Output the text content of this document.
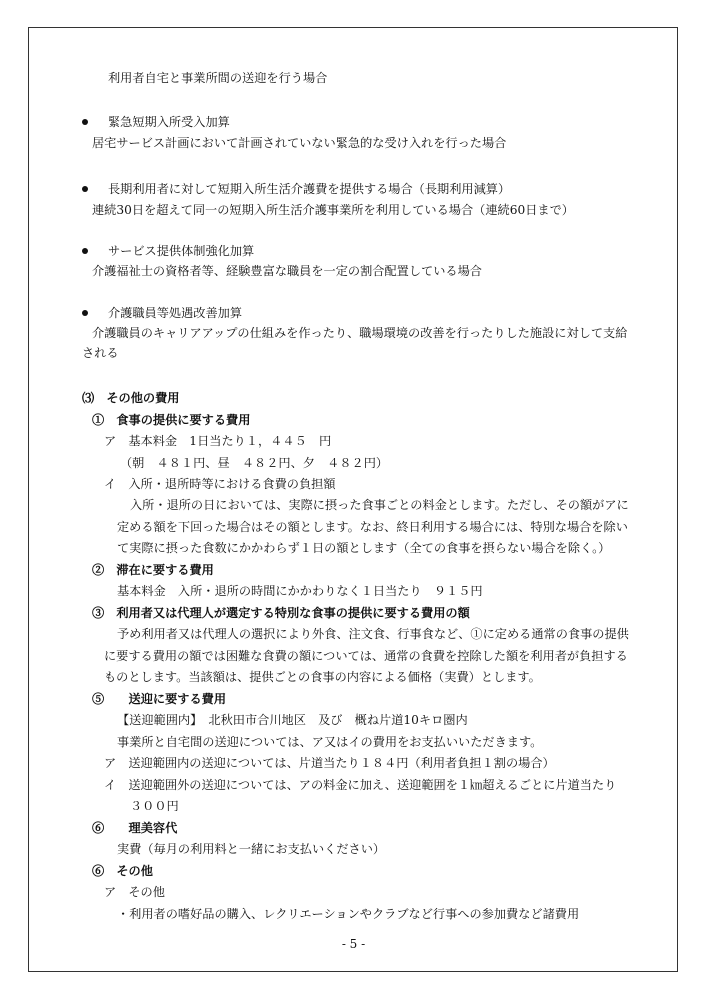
利用者自宅と事業所間の送迎を行う場合
緊急短期入所受入加算
居宅サービス計画において計画されていない緊急的な受け入れを行った場合
長期利用者に対して短期入所生活介護費を提供する場合（長期利用減算）
連続30日を超えて同一の短期入所生活介護事業所を利用している場合（連続60日まで）
サービス提供体制強化加算
介護福祉士の資格者等、経験豊富な職員を一定の割合配置している場合
介護職員等処遇改善加算
介護職員のキャリアアップの仕組みを作ったり、職場環境の改善を行ったりした施設に対して支給
される
⑶　その他の費用
①　食事の提供に要する費用
ア　基本料金　1日当たり１，４４５　円
（朝　４８１円、昼　４８２円、夕　４８２円）
イ　入所・退所時等における食費の負担額
入所・退所の日においては、実際に摂った食事ごとの料金とします。ただし、その額がアに
定める額を下回った場合はその額とします。なお、終日利用する場合には、特別な場合を除い
て実際に摂った食数にかかわらず１日の額とします（全ての食事を摂らない場合を除く。）
②　滞在に要する費用
基本料金　入所・退所の時間にかかわりなく１日当たり　９１５円
③　利用者又は代理人が選定する特別な食事の提供に要する費用の額
予め利用者又は代理人の選択により外食、注文食、行事食など、①に定める通常の食事の提供
に要する費用の額では困難な食費の額については、通常の食費を控除した額を利用者が負担する
ものとします。当該額は、提供ごとの食事の内容による価格（実費）とします。
⑤　　送迎に要する費用
【送迎範囲内】　北秋田市合川地区　及び　概ね片道10キロ圏内
事業所と自宅間の送迎については、ア又はイの費用をお支払いいただきます。
ア　送迎範囲内の送迎については、片道当たり１８４円（利用者負担１割の場合）
イ　送迎範囲外の送迎については、アの料金に加え、送迎範囲を１㎞超えるごとに片道当たり
３００円
⑥　　理美容代
実費（毎月の利用料と一緒にお支払いください）
⑥　その他
ア　その他
・利用者の嗜好品の購入、レクリエーションやクラブなど行事への参加費など諸費用
- 5 -
